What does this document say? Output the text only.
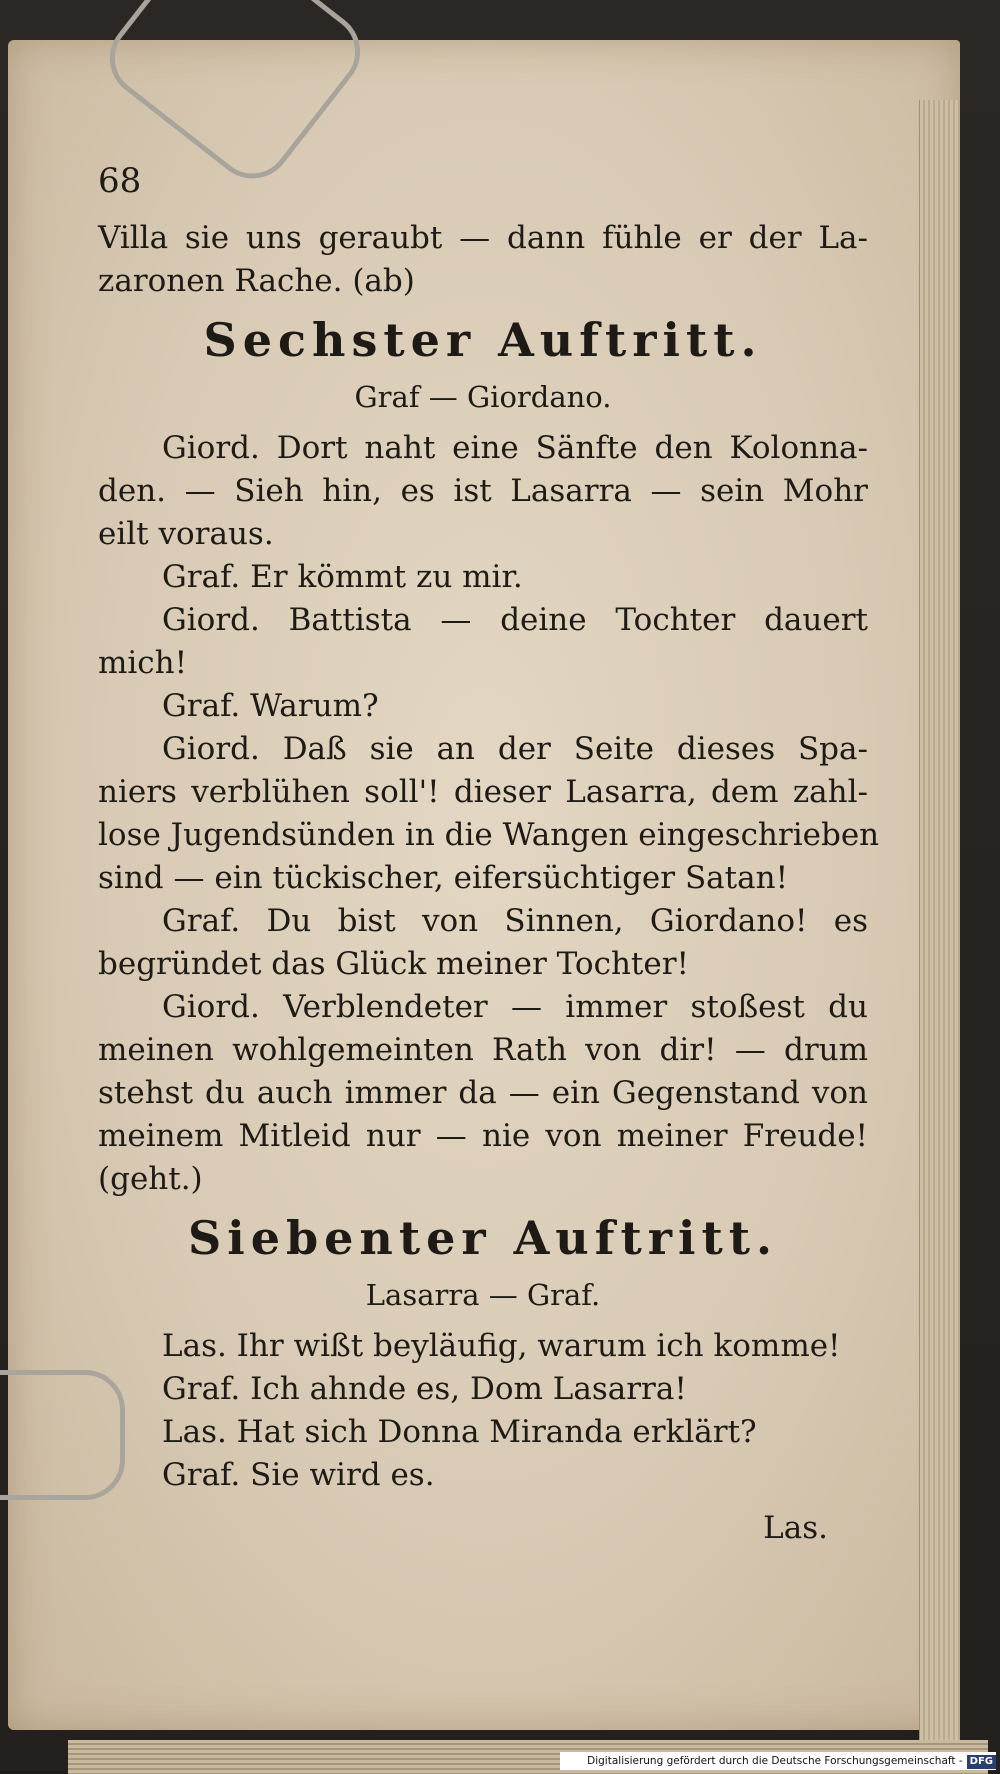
68
Villa sie uns geraubt — dann fühle er der La-
zaronen Rache. (ab)
Sechster Auftritt.
Graf — Giordano.
Giord. Dort naht eine Sänfte den Kolonna-
den. — Sieh hin, es ist Lasarra — sein Mohr
eilt voraus.
Graf. Er kömmt zu mir.
Giord. Battista — deine Tochter dauert
mich!
Graf. Warum?
Giord. Daß sie an der Seite dieses Spa-
niers verblühen soll'! dieser Lasarra, dem zahl-
lose Jugendsünden in die Wangen eingeschrieben
sind — ein tückischer, eifersüchtiger Satan!
Graf. Du bist von Sinnen, Giordano! es
begründet das Glück meiner Tochter!
Giord. Verblendeter — immer stoßest du
meinen wohlgemeinten Rath von dir! — drum
stehst du auch immer da — ein Gegenstand von
meinem Mitleid nur — nie von meiner Freude!
(geht.)
Siebenter Auftritt.
Lasarra — Graf.
Las. Ihr wißt beyläufig, warum ich komme!
Graf. Ich ahnde es, Dom Lasarra!
Las. Hat sich Donna Miranda erklärt?
Graf. Sie wird es.
Las.
Digitalisierung gefördert durch die Deutsche Forschungsgemeinschaft - DFG
